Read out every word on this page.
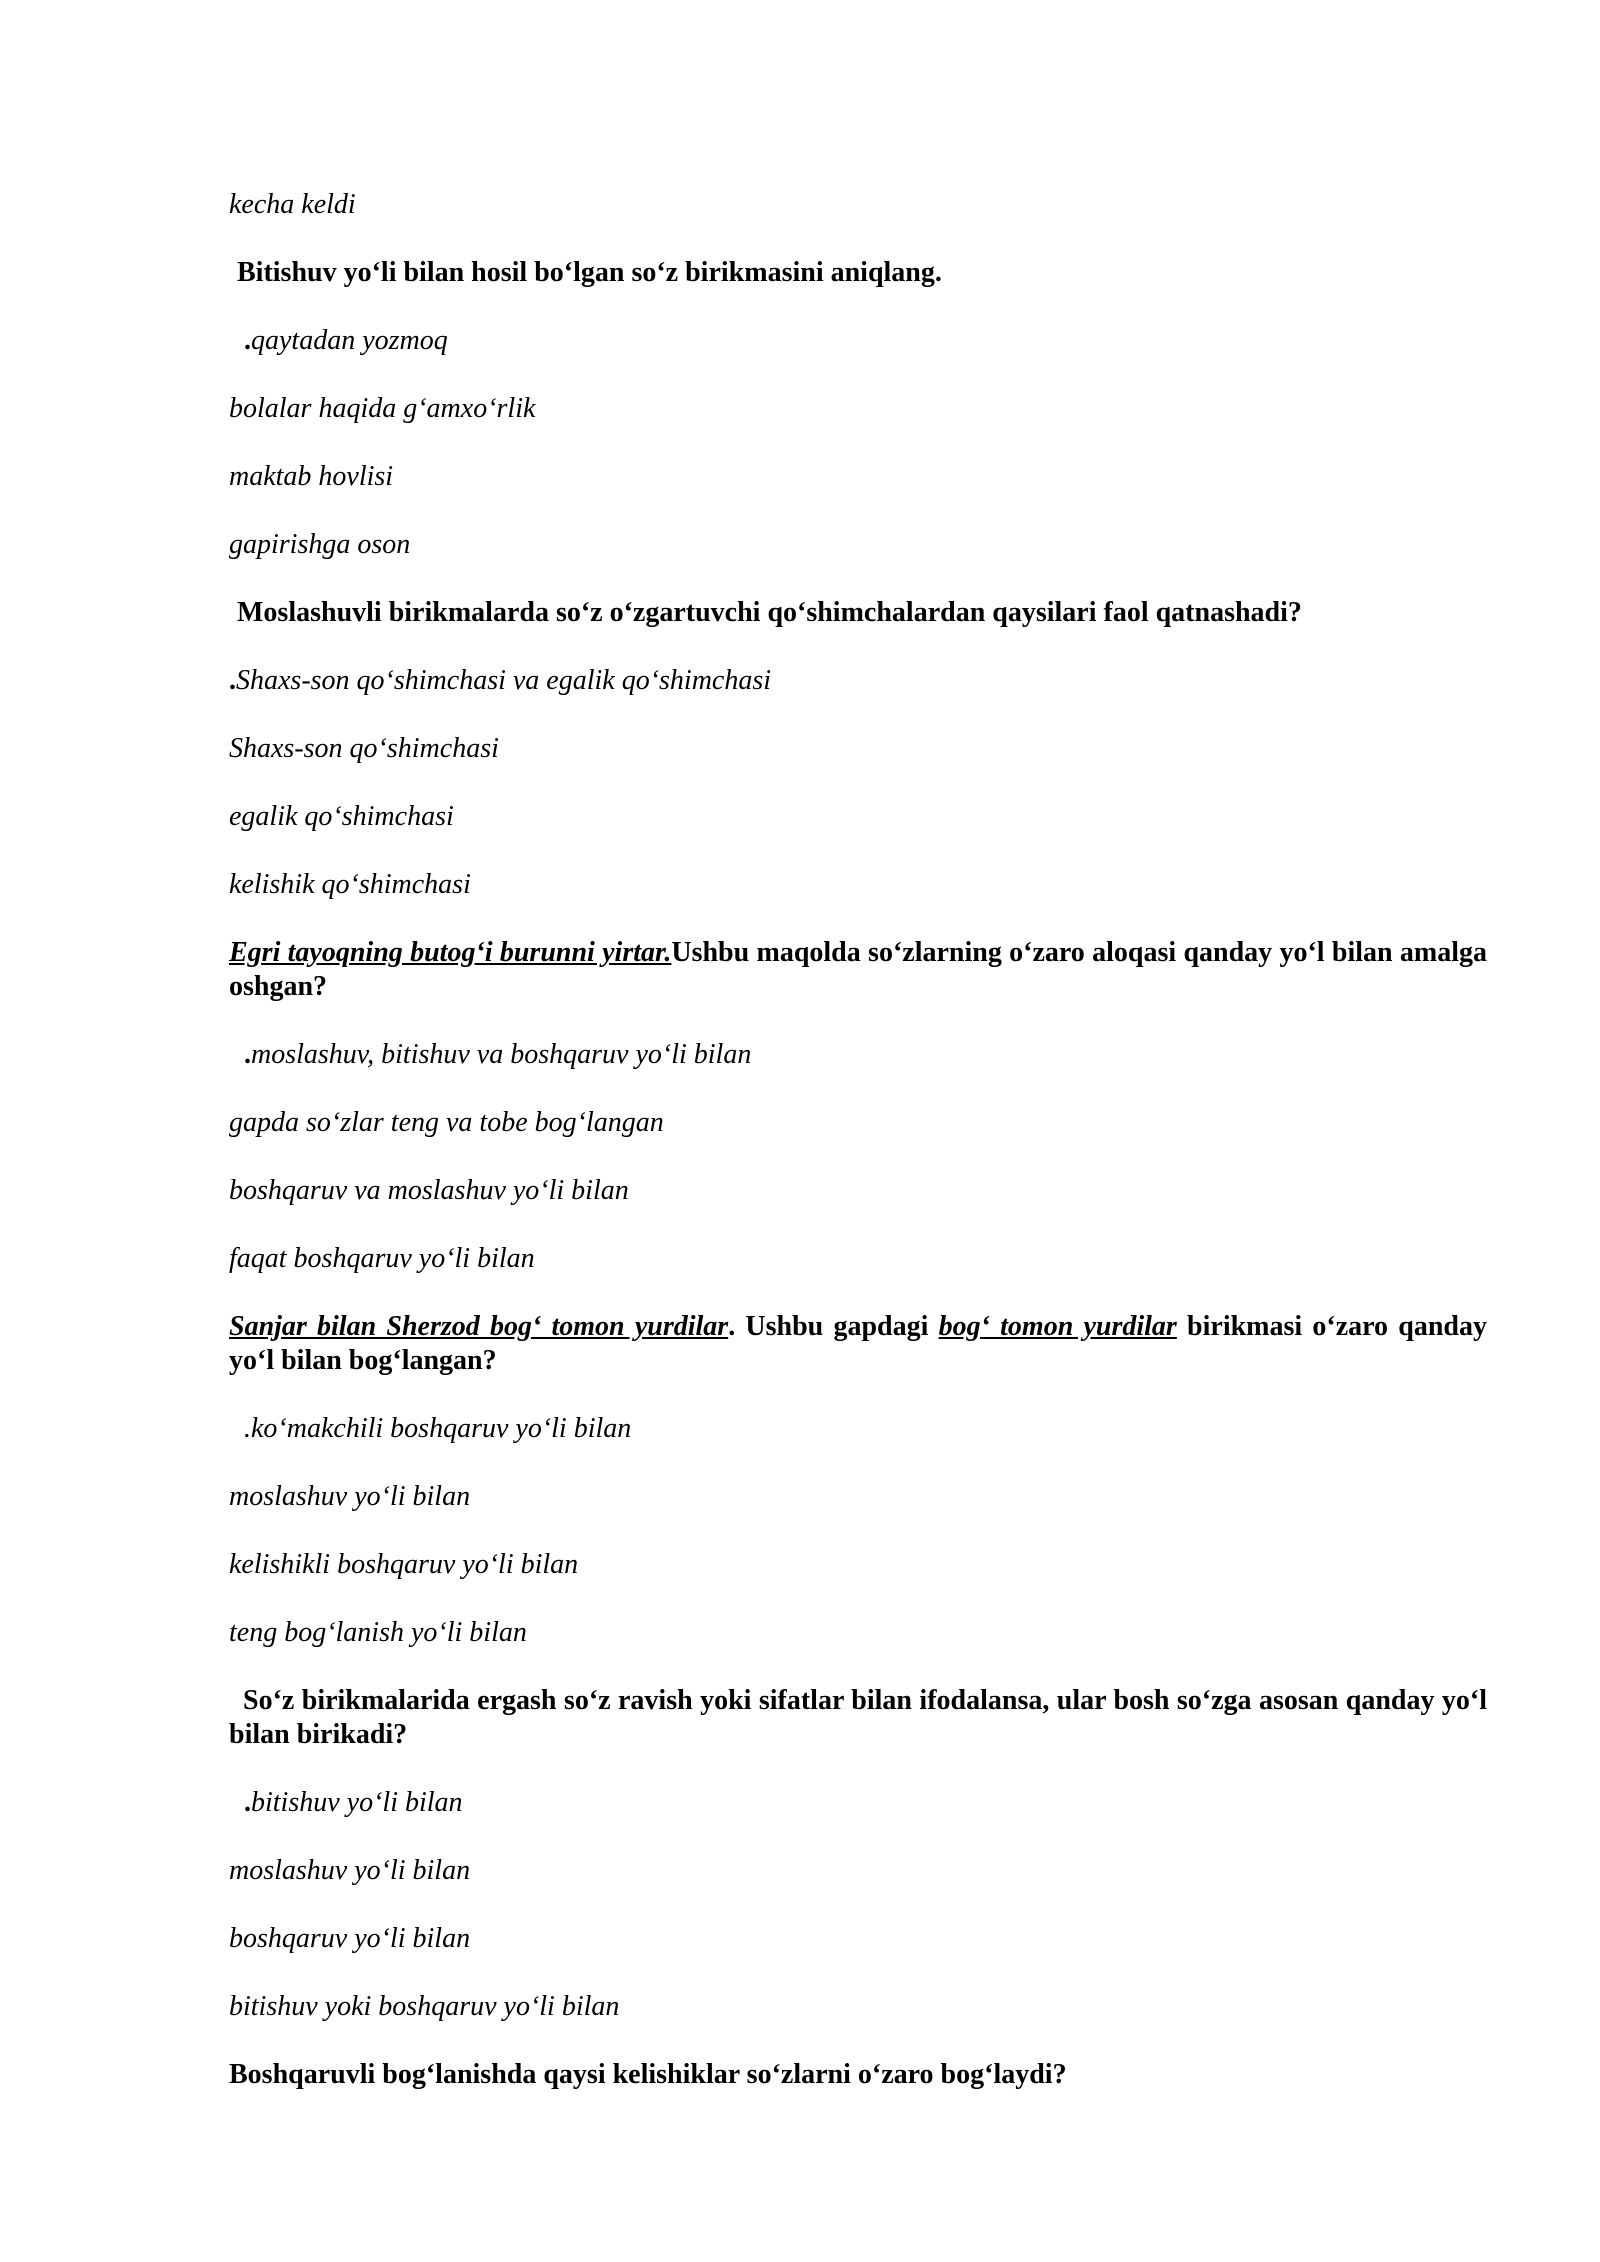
kecha keldi
Bitishuv yo‘li bilan hosil bo‘lgan so‘z birikmasini aniqlang.
.qaytadan yozmoq
bolalar haqida g‘amxo‘rlik
maktab hovlisi
gapirishga oson
Moslashuvli birikmalarda so‘z o‘zgartuvchi qo‘shimchalardan qaysilari faol qatnashadi?
.Shaxs-son qo‘shimchasi va egalik qo‘shimchasi
Shaxs-son qo‘shimchasi
egalik qo‘shimchasi
kelishik qo‘shimchasi
Egri tayoqning butog‘i burunni yirtar.Ushbu maqolda so‘zlarning o‘zaro aloqasi qanday yo‘l bilan amalga oshgan?
.moslashuv, bitishuv va boshqaruv yo‘li bilan
gapda so‘zlar teng va tobe bog‘langan
boshqaruv va moslashuv yo‘li bilan
faqat boshqaruv yo‘li bilan
Sanjar bilan Sherzod bog‘ tomon yurdilar. Ushbu gapdagi bog‘ tomon yurdilar birikmasi o‘zaro qanday yo‘l bilan bog‘langan?
.ko‘makchili boshqaruv yo‘li bilan
moslashuv yo‘li bilan
kelishikli boshqaruv yo‘li bilan
teng bog‘lanish yo‘li bilan
So‘z birikmalarida ergash so‘z ravish yoki sifatlar bilan ifodalansa, ular bosh so‘zga asosan qanday yo‘l bilan birikadi?
.bitishuv yo‘li bilan
moslashuv yo‘li bilan
boshqaruv yo‘li bilan
bitishuv yoki boshqaruv yo‘li bilan
Boshqaruvli bog‘lanishda qaysi kelishiklar so‘zlarni o‘zaro bog‘laydi?
